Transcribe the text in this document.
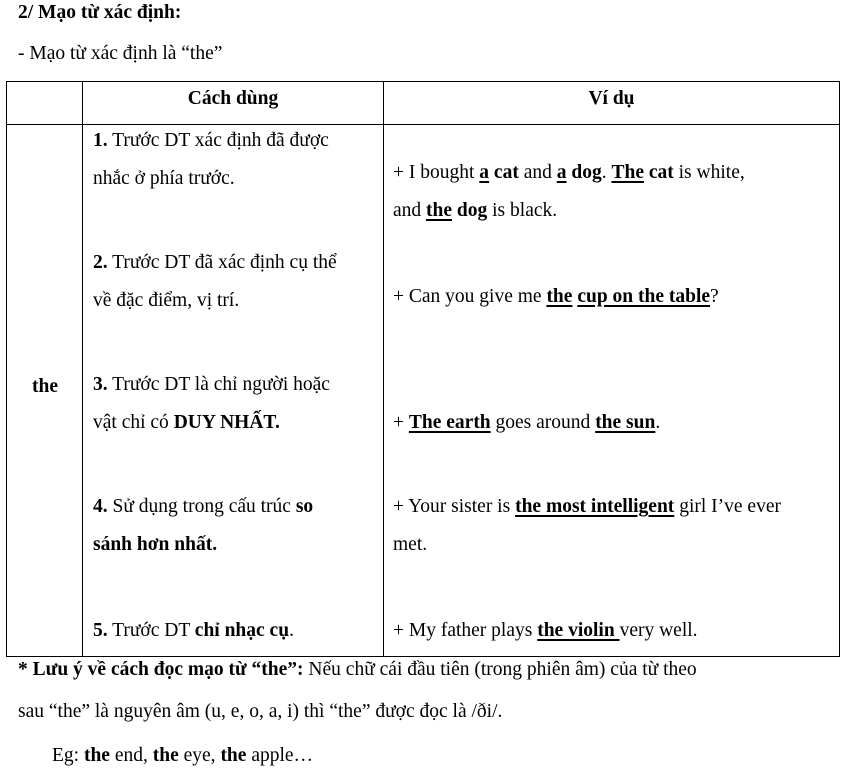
2/ Mạo từ xác định:
- Mạo từ xác định là “the”
Cách dùng	Ví dụ
the
1. Trước DT xác định đã được
nhắc ở phía trước.
2. Trước DT đã xác định cụ thể
về đặc điểm, vị trí.
3. Trước DT là chỉ người hoặc
vật chỉ có DUY NHẤT.
4. Sử dụng trong cấu trúc so
sánh hơn nhất.
5. Trước DT chỉ nhạc cụ.
+ I bought a cat and a dog. The cat is white,
and the dog is black.
+ Can you give me the cup on the table?
+ The earth goes around the sun.
+ Your sister is the most intelligent girl I’ve ever
met.
+ My father plays the violin very well.
* Lưu ý về cách đọc mạo từ “the”: Nếu chữ cái đầu tiên (trong phiên âm) của từ theo
sau “the” là nguyên âm (u, e, o, a, i) thì “the” được đọc là /ði/.
Eg: the end, the eye, the apple…
